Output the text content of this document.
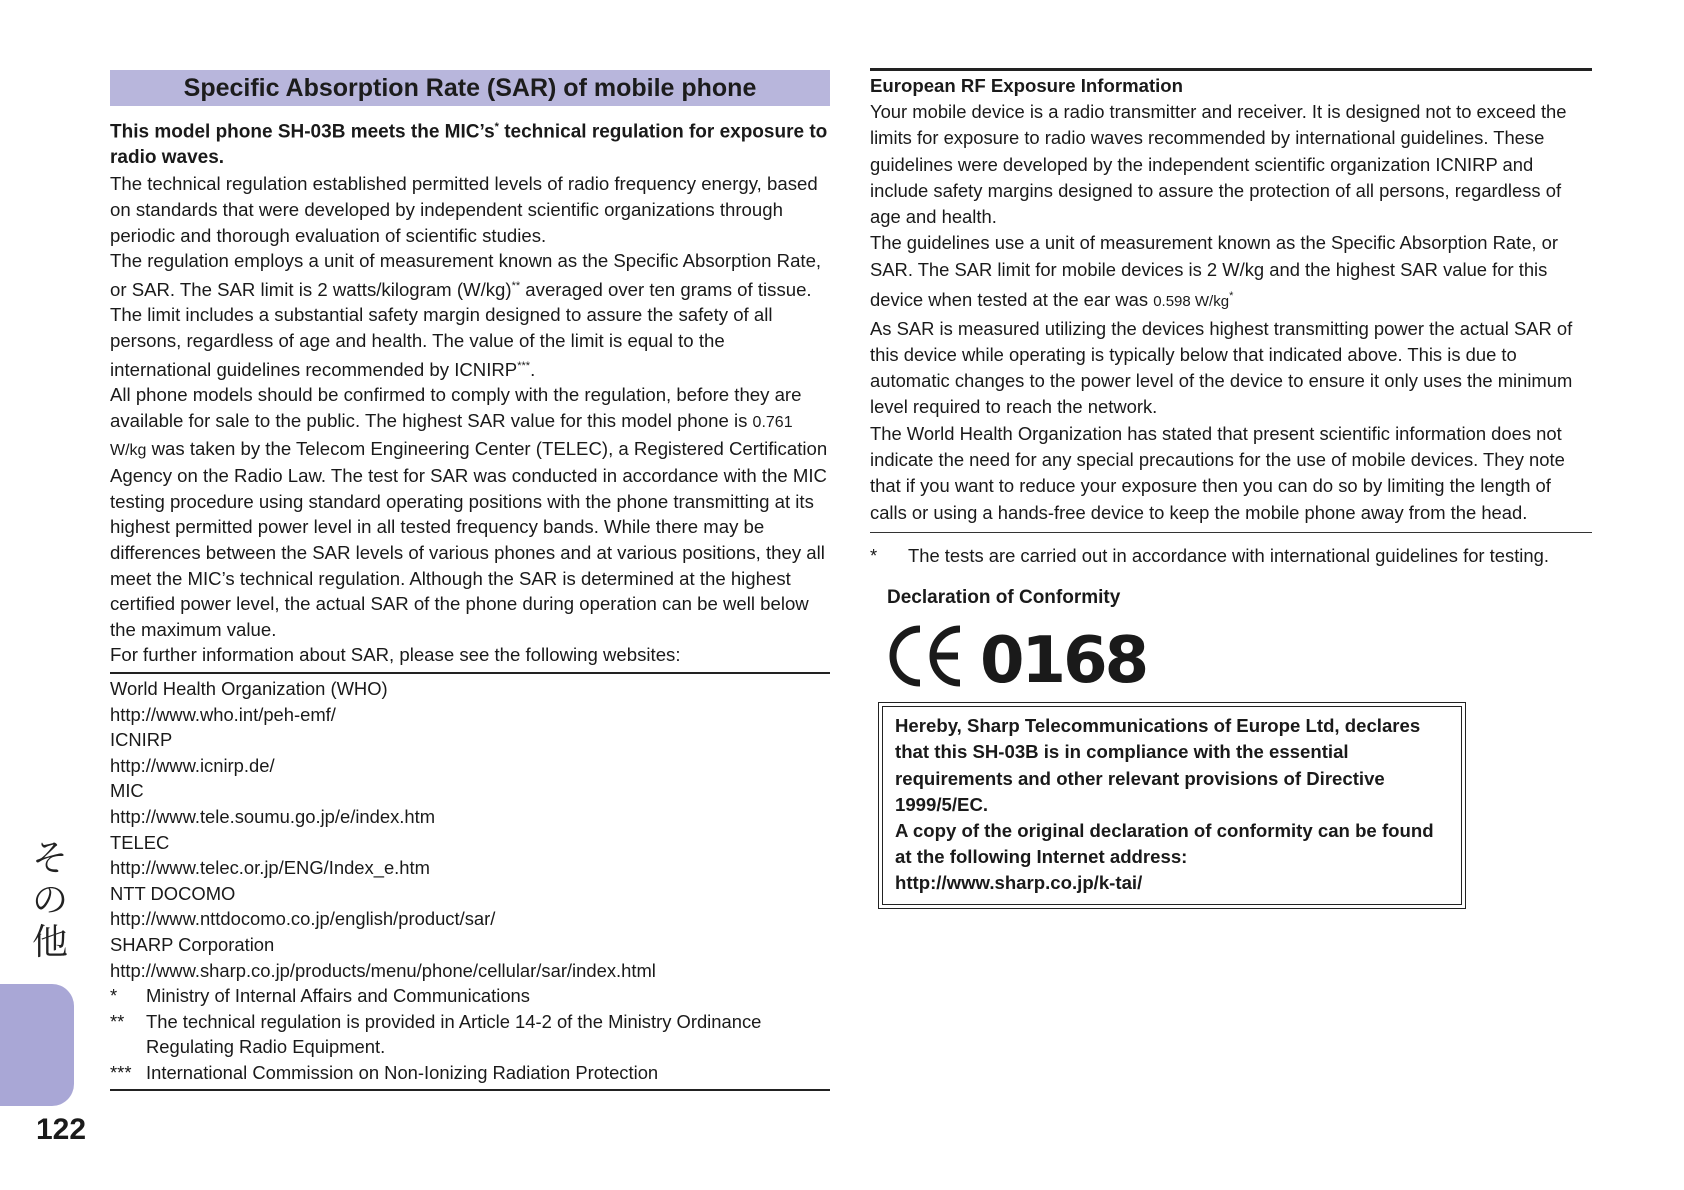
Specific Absorption Rate (SAR) of mobile phone
This model phone SH-03B meets the MIC’s* technical regulation for exposure to radio waves.
The technical regulation established permitted levels of radio frequency energy, based on standards that were developed by independent scientific organizations through periodic and thorough evaluation of scientific studies.
The regulation employs a unit of measurement known as the Specific Absorption Rate, or SAR. The SAR limit is 2 watts/kilogram (W/kg)** averaged over ten grams of tissue. The limit includes a substantial safety margin designed to assure the safety of all persons, regardless of age and health. The value of the limit is equal to the international guidelines recommended by ICNIRP***.
All phone models should be confirmed to comply with the regulation, before they are available for sale to the public. The highest SAR value for this model phone is 0.761 W/kg was taken by the Telecom Engineering Center (TELEC), a Registered Certification Agency on the Radio Law. The test for SAR was conducted in accordance with the MIC testing procedure using standard operating positions with the phone transmitting at its highest permitted power level in all tested frequency bands. While there may be differences between the SAR levels of various phones and at various positions, they all meet the MIC’s technical regulation. Although the SAR is determined at the highest certified power level, the actual SAR of the phone during operation can be well below the maximum value.
For further information about SAR, please see the following websites:
World Health Organization (WHO)
http://www.who.int/peh-emf/
ICNIRP
http://www.icnirp.de/
MIC
http://www.tele.soumu.go.jp/e/index.htm
TELEC
http://www.telec.or.jp/ENG/Index_e.htm
NTT DOCOMO
http://www.nttdocomo.co.jp/english/product/sar/
SHARP Corporation
http://www.sharp.co.jp/products/menu/phone/cellular/sar/index.html
*	Ministry of Internal Affairs and Communications
**	The technical regulation is provided in Article 14-2 of the Ministry Ordinance Regulating Radio Equipment.
*** International Commission on Non-Ionizing Radiation Protection
European RF Exposure Information
Your mobile device is a radio transmitter and receiver. It is designed not to exceed the limits for exposure to radio waves recommended by international guidelines. These guidelines were developed by the independent scientific organization ICNIRP and include safety margins designed to assure the protection of all persons, regardless of age and health.
The guidelines use a unit of measurement known as the Specific Absorption Rate, or SAR. The SAR limit for mobile devices is 2 W/kg and the highest SAR value for this device when tested at the ear was 0.598 W/kg*
As SAR is measured utilizing the devices highest transmitting power the actual SAR of this device while operating is typically below that indicated above. This is due to automatic changes to the power level of the device to ensure it only uses the minimum level required to reach the network.
The World Health Organization has stated that present scientific information does not indicate the need for any special precautions for the use of mobile devices. They note that if you want to reduce your exposure then you can do so by limiting the length of calls or using a hands-free device to keep the mobile phone away from the head.
*	The tests are carried out in accordance with international guidelines for testing.
Declaration of Conformity
0168
Hereby, Sharp Telecommunications of Europe Ltd, declares that this SH-03B is in compliance with the essential requirements and other relevant provisions of Directive 1999/5/EC.
A copy of the original declaration of conformity can be found at the following Internet address:
http://www.sharp.co.jp/k-tai/
そ
の
他
122
